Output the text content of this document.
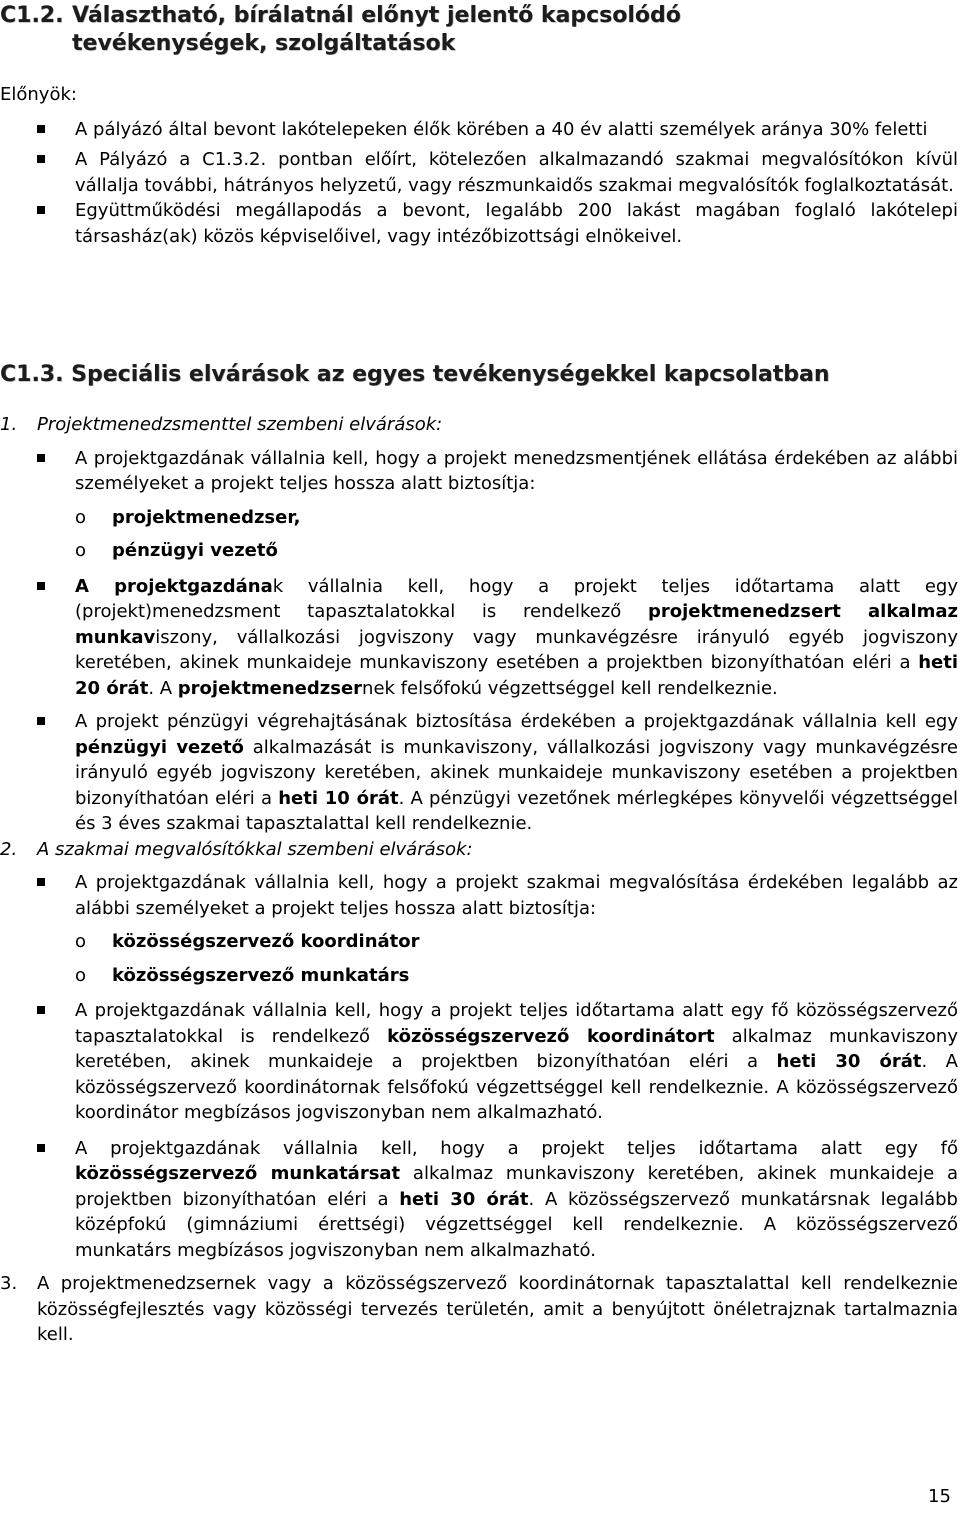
C1.2. Választható, bírálatnál előnyt jelentő kapcsolódó
tevékenységek, szolgáltatások

Előnyök:

A pályázó által bevont lakótelepeken élők körében a 40 év alatti személyek aránya 30% feletti

A Pályázó a C1.3.2. pontban előírt, kötelezően alkalmazandó szakmai megvalósítókon kívül vállalja további, hátrányos helyzetű, vagy részmunkaidős szakmai megvalósítók foglalkoztatását.

Együttműködési megállapodás a bevont, legalább 200 lakást magában foglaló lakótelepi társasház(ak) közös képviselőivel, vagy intézőbizottsági elnökeivel.

C1.3. Speciális elvárások az egyes tevékenységekkel kapcsolatban

1. Projektmenedzsmenttel szembeni elvárások:

A projektgazdának vállalnia kell, hogy a projekt menedzsmentjének ellátása érdekében az alábbi személyeket a projekt teljes hossza alatt biztosítja:

o projektmenedzser,

o pénzügyi vezető

A projektgazdának vállalnia kell, hogy a projekt teljes időtartama alatt egy (projekt)menedzsment tapasztalatokkal is rendelkező projektmenedzsert alkalmaz munkaviszony, vállalkozási jogviszony vagy munkavégzésre irányuló egyéb jogviszony keretében, akinek munkaideje munkaviszony esetében a projektben bizonyíthatóan eléri a heti 20 órát. A projektmenedzsernek felsőfokú végzettséggel kell rendelkeznie.

A projekt pénzügyi végrehajtásának biztosítása érdekében a projektgazdának vállalnia kell egy pénzügyi vezető alkalmazását is munkaviszony, vállalkozási jogviszony vagy munkavégzésre irányuló egyéb jogviszony keretében, akinek munkaideje munkaviszony esetében a projektben bizonyíthatóan eléri a heti 10 órát. A pénzügyi vezetőnek mérlegképes könyvelői végzettséggel és 3 éves szakmai tapasztalattal kell rendelkeznie.

2. A szakmai megvalósítókkal szembeni elvárások:

A projektgazdának vállalnia kell, hogy a projekt szakmai megvalósítása érdekében legalább az alábbi személyeket a projekt teljes hossza alatt biztosítja:

o közösségszervező koordinátor

o közösségszervező munkatárs

A projektgazdának vállalnia kell, hogy a projekt teljes időtartama alatt egy fő közösségszervező tapasztalatokkal is rendelkező közösségszervező koordinátort alkalmaz munkaviszony keretében, akinek munkaideje a projektben bizonyíthatóan eléri a heti 30 órát. A közösségszervező koordinátornak felsőfokú végzettséggel kell rendelkeznie. A közösségszervező koordinátor megbízásos jogviszonyban nem alkalmazható.

A projektgazdának vállalnia kell, hogy a projekt teljes időtartama alatt egy fő közösségszervező munkatársat alkalmaz munkaviszony keretében, akinek munkaideje a projektben bizonyíthatóan eléri a heti 30 órát. A közösségszervező munkatársnak legalább középfokú (gimnáziumi érettségi) végzettséggel kell rendelkeznie. A közösségszervező munkatárs megbízásos jogviszonyban nem alkalmazható.

3. A projektmenedzsernek vagy a közösségszervező koordinátornak tapasztalattal kell rendelkeznie közösségfejlesztés vagy közösségi tervezés területén, amit a benyújtott önéletrajznak tartalmaznia kell.

15
